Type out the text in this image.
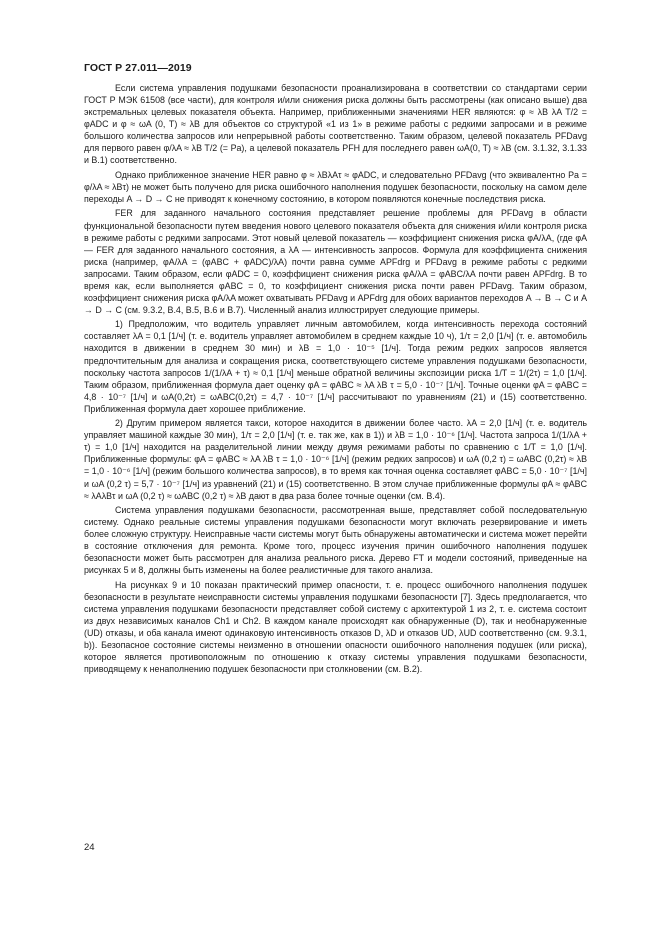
ГОСТ Р 27.011—2019

Если система управления подушками безопасности проанализирована в соответствии со стандартами серии ГОСТ Р МЭК 61508 (все части), для контроля и/или снижения риска должны быть рассмотрены (как описано выше) два экстремальных целевых показателя объекта. Например, приближенными значениями HER являются: φ ≈ λB λA T/2 = φADC и φ ≈ ωA (0, T) ≈ λB для объектов со структурой «1 из 1» в режиме работы с редкими запросами и в режиме большого количества запросов или непрерывной работы соответственно. Таким образом, целевой показатель PFDavg для первого равен φ/λA ≈ λB T/2 (= Pa), а целевой показатель PFH для последнего равен ωA(0, T) ≈ λB (см. 3.1.32, 3.1.33 и В.1) соответственно.

Однако приближенное значение HER равно φ ≈ λBλAτ ≈ φADC, и следовательно PFDavg (что эквивалентно Pa = φ/λA ≈ λBτ) не может быть получено для риска ошибочного наполнения подушек безопасности, поскольку на самом деле переходы A → D → C не приводят к конечному состоянию, в котором появляются конечные последствия риска.

FER для заданного начального состояния представляет решение проблемы для PFDavg в области функциональной безопасности путем введения нового целевого показателя объекта для снижения и/или контроля риска в режиме работы с редкими запросами. Этот новый целевой показатель — коэффициент снижения риска φA/λA, (где φA — FER для заданного начального состояния, а λA — интенсивность запросов. Формула для коэффициента снижения риска (например, φA/λA = (φABC + φADC)/λA) почти равна сумме APFdrg и PFDavg в режиме работы с редкими запросами. Таким образом, если φADC = 0, коэффициент снижения риска φA/λA = φABC/λA почти равен APFdrg. В то время как, если выполняется φABC = 0, то коэффициент снижения риска почти равен PFDavg. Таким образом, коэффициент снижения риска φA/λA может охватывать PFDavg и APFdrg для обоих вариантов переходов A → B → C и A → D → C (см. 9.3.2, В.4, В.5, В.6 и В.7). Численный анализ иллюстрирует следующие примеры.

1) Предположим, что водитель управляет личным автомобилем, когда интенсивность перехода состояний составляет λA = 0,1 [1/ч] (т. е. водитель управляет автомобилем в среднем каждые 10 ч), 1/τ = 2,0 [1/ч] (т. е. автомобиль находится в движении в среднем 30 мин) и λB = 1,0 · 10⁻⁵ [1/ч]. Тогда режим редких запросов является предпочтительным для анализа и сокращения риска, соответствующего системе управления подушками безопасности, поскольку частота запросов 1/(1/λA + τ) ≈ 0,1 [1/ч] меньше обратной величины экспозиции риска 1/T = 1/(2τ) = 1,0 [1/ч]. Таким образом, приближенная формула дает оценку φA = φABC ≈ λA λB τ = 5,0 · 10⁻⁷ [1/ч]. Точные оценки φA = φABC = 4,8 · 10⁻⁷ [1/ч] и ωA(0,2τ) = ωABC(0,2τ) = 4,7 · 10⁻⁷ [1/ч] рассчитывают по уравнениям (21) и (15) соответственно. Приближенная формула дает хорошее приближение.

2) Другим примером является такси, которое находится в движении более часто. λA = 2,0 [1/ч] (т. е. водитель управляет машиной каждые 30 мин), 1/τ = 2,0 [1/ч] (т. е. так же, как в 1)) и λB = 1,0 · 10⁻⁶ [1/ч]. Частота запроса 1/(1/λA + τ) = 1,0 [1/ч] находится на разделительной линии между двумя режимами работы по сравнению с 1/T = 1,0 [1/ч]. Приближенные формулы: φA = φABC ≈ λA λB τ = 1,0 · 10⁻⁶ [1/ч] (режим редких запросов) и ωA (0,2 τ) = ωABC (0,2τ) ≈ λB = 1,0 · 10⁻⁶ [1/ч] (режим большого количества запросов), в то время как точная оценка составляет φABC = 5,0 · 10⁻⁷ [1/ч] и ωA (0,2 τ) = 5,7 · 10⁻⁷ [1/ч] из уравнений (21) и (15) соответственно. В этом случае приближенные формулы φA ≈ φABC ≈ λAλBτ и ωA (0,2 τ) ≈ ωABC (0,2 τ) ≈ λB дают в два раза более точные оценки (см. В.4).

Система управления подушками безопасности, рассмотренная выше, представляет собой последовательную систему. Однако реальные системы управления подушками безопасности могут включать резервирование и иметь более сложную структуру. Неисправные части системы могут быть обнаружены автоматически и система может перейти в состояние отключения для ремонта. Кроме того, процесс изучения причин ошибочного наполнения подушек безопасности может быть рассмотрен для анализа реального риска. Дерево FT и модели состояний, приведенные на рисунках 5 и 8, должны быть изменены на более реалистичные для такого анализа.

На рисунках 9 и 10 показан практический пример опасности, т. е. процесс ошибочного наполнения подушек безопасности в результате неисправности системы управления подушками безопасности [7]. Здесь предполагается, что система управления подушками безопасности представляет собой систему с архитектурой 1 из 2, т. е. система состоит из двух независимых каналов Ch1 и Ch2. В каждом канале происходят как обнаруженные (D), так и необнаруженные (UD) отказы, и оба канала имеют одинаковую интенсивность отказов D, λD и отказов UD, λUD соответственно (см. 9.3.1, b)). Безопасное состояние системы неизменно в отношении опасности ошибочного наполнения подушек (или риска), которое является противоположным по отношению к отказу системы управления подушками безопасности, приводящему к ненаполнению подушек безопасности при столкновении (см. В.2).

24
